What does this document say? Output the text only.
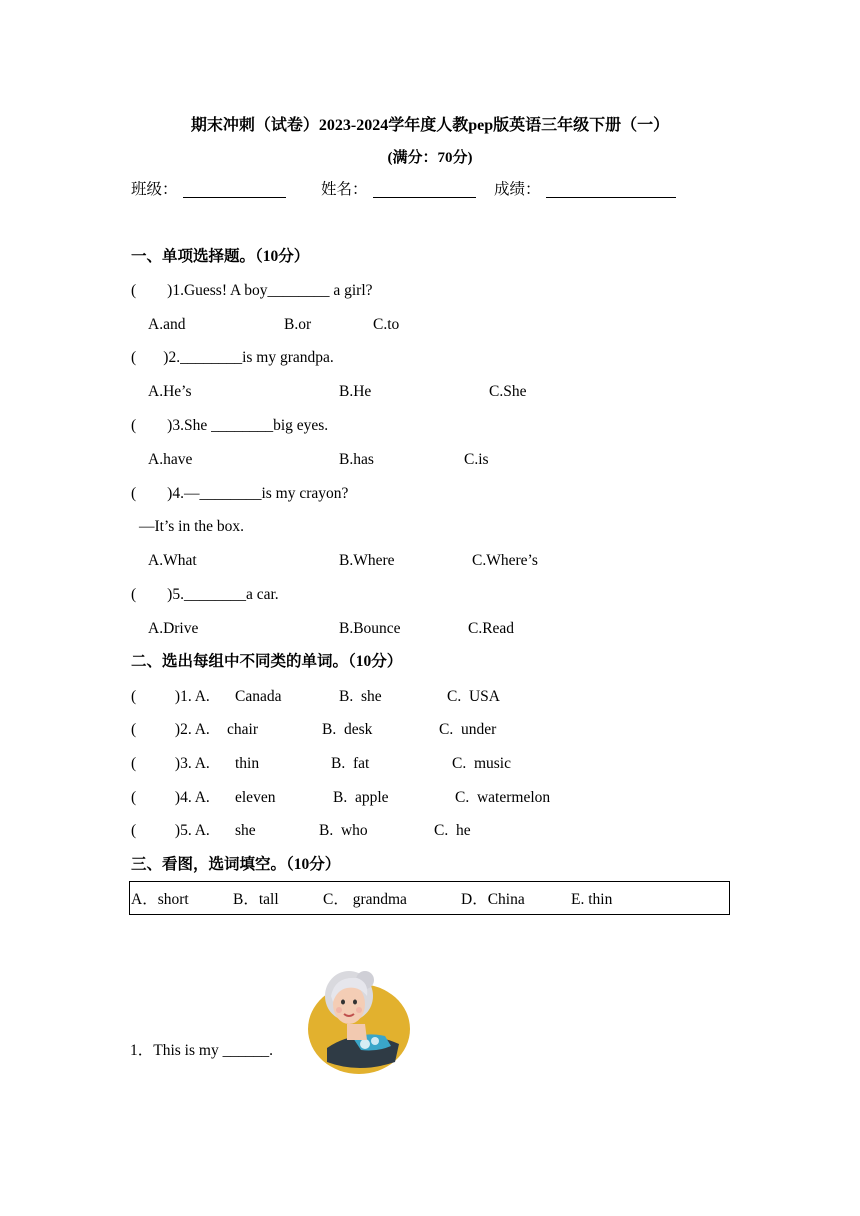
期末冲刺（试卷）2023-2024学年度人教pep版英语三年级下册（一）
(满分：70分)
班级：	姓名：	成绩：
一、单项选择题。（10分）
(        )1.Guess! A boy________ a girl?
A.and	B.or	C.to
(       )2.________is my grandpa.
A.He’s	B.He	C.She
(        )3.She ________big eyes.
A.have	B.has	C.is
(        )4.—________is my crayon?
—It’s in the box.
A.What	B.Where	C.Where’s
(        )5.________a car.
A.Drive	B.Bounce	C.Read
二、选出每组中不同类的单词。（10分）
(          )1. A. Canada	B.  she	C.  USA
(          )2. A. chair	B.  desk	C.  under
(          )3. A. thin	B.  fat	C.  music
(          )4. A. eleven	B.  apple	C.  watermelon
(          )5. A. she	B.  who	C.  he
三、看图，选词填空。（10分）
A．short	B．tall	C． grandma	D．China	E. thin

1．This is my ______.
